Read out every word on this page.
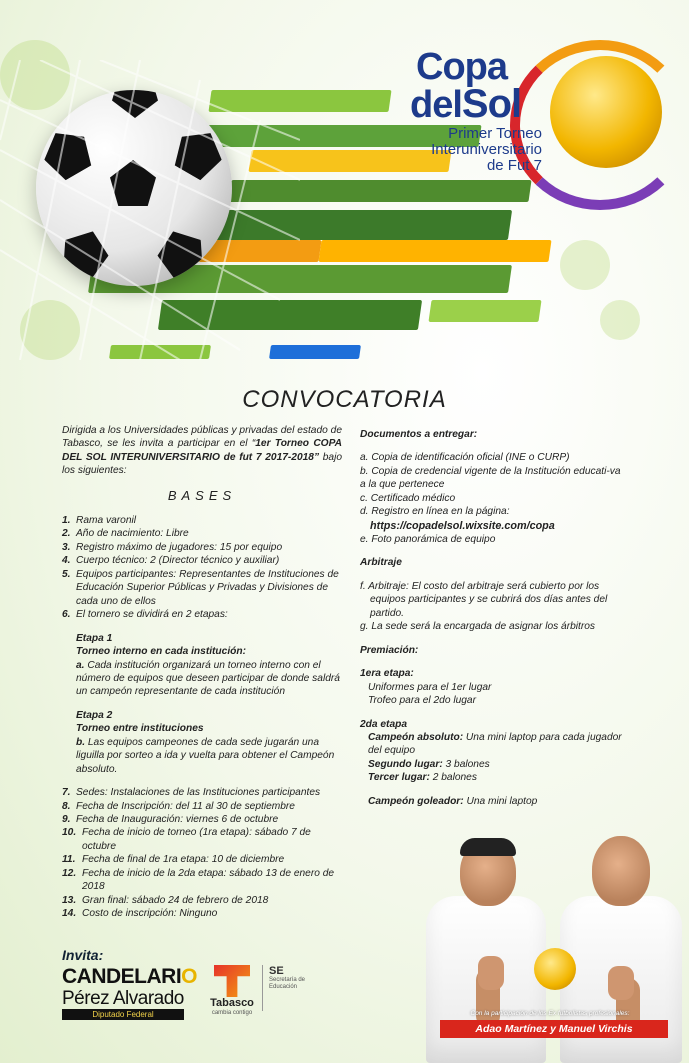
Copa
delSol
Primer Torneo
Interuniversitario
de Fut 7
CONVOCATORIA

Dirigida a los Universidades públicas y privadas del estado de Tabasco, se les invita a participar en el “1er Torneo COPA DEL SOL INTERUNIVERSITARIO de fut 7 2017-2018” bajo los siguientes:

BASES

1. Rama varonil
2. Año de nacimiento: Libre
3. Registro máximo de jugadores: 15 por equipo
4. Cuerpo técnico: 2 (Director técnico y auxiliar)
5. Equipos participantes: Representantes de Instituciones de Educación Superior Públicas y Privadas y Divisiones de cada uno de ellos
6. El tornero se dividirá en 2 etapas:

Etapa 1

Torneo interno en cada institución:

a. Cada institución organizará un torneo interno con el número de equipos que deseen participar de donde saldrá un campeón representante de cada institución

Etapa 2

Torneo entre instituciones

b. Las equipos campeones de cada sede jugarán una liguilla por sorteo a ida y vuelta para obtener el Campeón absoluto.

7. Sedes: Instalaciones de las Instituciones participantes
8. Fecha de Inscripción: del 11 al 30 de septiembre
9. Fecha de Inauguración: viernes 6 de octubre
10. Fecha de inicio de torneo (1ra etapa): sábado 7 de octubre
11. Fecha de final de 1ra etapa: 10 de diciembre
12. Fecha de inicio de la 2da etapa: sábado 13 de enero de 2018
13. Gran final: sábado 24 de febrero de 2018
14. Costo de inscripción: Ninguno

Documentos a entregar:

a. Copia de identificación oficial (INE o CURP)

b. Copia de credencial vigente de la Institución educati-va a la que pertenece

c. Certificado médico

d. Registro en línea en la página:

https://copadelsol.wixsite.com/copa

e. Foto panorámica de equipo

Arbitraje

f. Arbitraje: El costo del arbitraje será cubierto por los equipos participantes y se cubrirá dos días antes del partido.

g. La sede será la encargada de asignar los árbitros

Premiación:

1era etapa:

Uniformes para el 1er lugar

Trofeo para el 2do lugar

2da etapa

Campeón absoluto: Una mini laptop para cada jugador del equipo

Segundo lugar: 3 balones

Tercer lugar: 2 balones

Campeón goleador: Una mini laptop

Con la participación de los Ex futbolistas profesionales:
Adao Martínez y Manuel Virchis
Invita:
CANDELARIO
Pérez Alvarado
Diputado Federal
Tabasco
cambia contigo
SE
Secretaría de Educación
